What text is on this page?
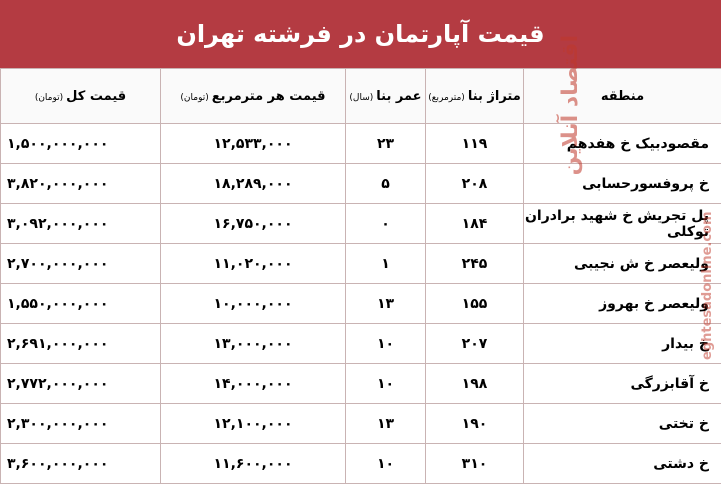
قیمت آپارتمان در فرشته تهران
منطقه	متراژ بنا(مترمربع)	عمر بنا(سال)	قیمت هر مترمربع(تومان)	قیمت کل(تومان)
مقصودبیک خ هفدهم	۱۱۹	۲۳	۱۲,۵۳۳,۰۰۰	۱,۵۰۰,۰۰۰,۰۰۰
خ پروفسورحسابی	۲۰۸	۵	۱۸,۲۸۹,۰۰۰	۳,۸۲۰,۰۰۰,۰۰۰
پل تجریش خ شهید برادران توکلی	۱۸۴	۰	۱۶,۷۵۰,۰۰۰	۳,۰۹۲,۰۰۰,۰۰۰
ولیعصر خ ش نجیبی	۲۴۵	۱	۱۱,۰۲۰,۰۰۰	۲,۷۰۰,۰۰۰,۰۰۰
ولیعصر خ بهروز	۱۵۵	۱۳	۱۰,۰۰۰,۰۰۰	۱,۵۵۰,۰۰۰,۰۰۰
خ بیدار	۲۰۷	۱۰	۱۳,۰۰۰,۰۰۰	۲,۶۹۱,۰۰۰,۰۰۰
خ آقابزرگی	۱۹۸	۱۰	۱۴,۰۰۰,۰۰۰	۲,۷۷۲,۰۰۰,۰۰۰
خ تختی	۱۹۰	۱۳	۱۲,۱۰۰,۰۰۰	۲,۳۰۰,۰۰۰,۰۰۰
خ دشتی	۳۱۰	۱۰	۱۱,۶۰۰,۰۰۰	۳,۶۰۰,۰۰۰,۰۰۰
اقتصاد آنلاین
eghtesadonline.com
